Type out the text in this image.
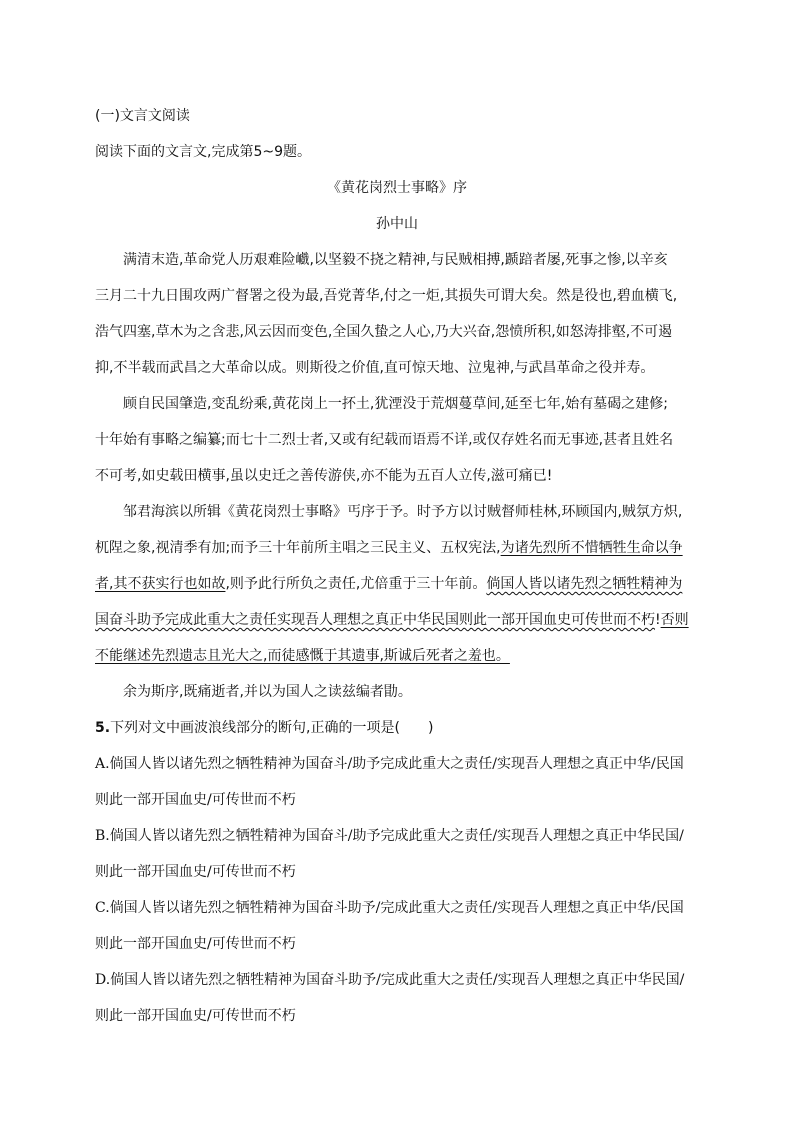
(一)文言文阅读
阅读下面的文言文,完成第5~9题。
《黄花岗烈士事略》序
孙中山
满清末造,革命党人历艰难险巇,以坚毅不挠之精神,与民贼相搏,踬踣者屡,死事之惨,以辛亥
三月二十九日围攻两广督署之役为最,吾党菁华,付之一炬,其损失可谓大矣。然是役也,碧血横飞,
浩气四塞,草木为之含悲,风云因而变色,全国久蛰之人心,乃大兴奋,怨愤所积,如怒涛排壑,不可遏
抑,不半载而武昌之大革命以成。则斯役之价值,直可惊天地、泣鬼神,与武昌革命之役并寿。
顾自民国肇造,变乱纷乘,黄花岗上一抔土,犹湮没于荒烟蔓草间,延至七年,始有墓碣之建修;
十年始有事略之编纂;而七十二烈士者,又或有纪载而语焉不详,或仅存姓名而无事迹,甚者且姓名
不可考,如史载田横事,虽以史迁之善传游侠,亦不能为五百人立传,滋可痛已!
邹君海滨以所辑《黄花岗烈士事略》丐序于予。时予方以讨贼督师桂林,环顾国内,贼氛方炽,
杌陧之象,视清季有加;而予三十年前所主唱之三民主义、五权宪法,为诸先烈所不惜牺牲生命以争
者,其不获实行也如故,则予此行所负之责任,尤倍重于三十年前。倘国人皆以诸先烈之牺牲精神为
国奋斗助予完成此重大之责任实现吾人理想之真正中华民国则此一部开国血史可传世而不朽!否则
不能继述先烈遗志且光大之,而徒感慨于其遗事,斯诚后死者之羞也。
余为斯序,既痛逝者,并以为国人之读兹编者勖。
5.下列对文中画波浪线部分的断句,正确的一项是(　　)
A.倘国人皆以诸先烈之牺牲精神为国奋斗/助予完成此重大之责任/实现吾人理想之真正中华/民国
则此一部开国血史/可传世而不朽
B.倘国人皆以诸先烈之牺牲精神为国奋斗/助予完成此重大之责任/实现吾人理想之真正中华民国/
则此一部开国血史/可传世而不朽
C.倘国人皆以诸先烈之牺牲精神为国奋斗助予/完成此重大之责任/实现吾人理想之真正中华/民国
则此一部开国血史/可传世而不朽
D.倘国人皆以诸先烈之牺牲精神为国奋斗助予/完成此重大之责任/实现吾人理想之真正中华民国/
则此一部开国血史/可传世而不朽
